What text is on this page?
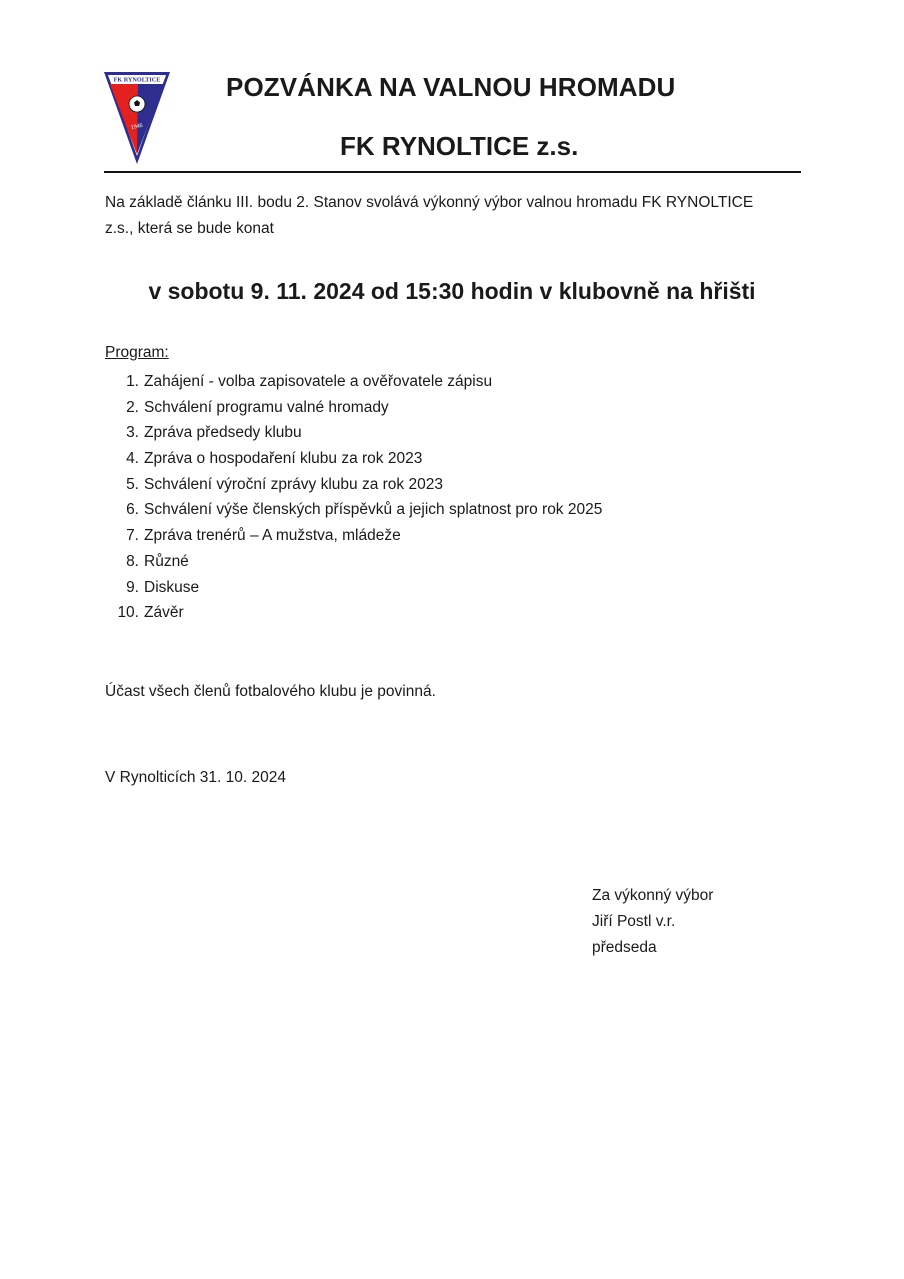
FK RYNOLTICE
1946
POZVÁNKA NA VALNOU HROMADU
FK RYNOLTICE z.s.
Na základě článku III. bodu 2. Stanov svolává výkonný výbor valnou hromadu FK RYNOLTICE
z.s., která se bude konat
v sobotu 9. 11. 2024 od 15:30 hodin v klubovně na hřišti
Program:
1. Zahájení - volba zapisovatele a ověřovatele zápisu
2. Schválení programu valné hromady
3. Zpráva předsedy klubu
4. Zpráva o hospodaření klubu za rok 2023
5. Schválení výroční zprávy klubu za rok 2023
6. Schválení výše členských příspěvků a jejich splatnost pro rok 2025
7. Zpráva trenérů – A mužstva, mládeže
8. Různé
9. Diskuse
10. Závěr
Účast všech členů fotbalového klubu je povinná.
V Rynolticích 31. 10. 2024
Za výkonný výbor
Jiří Postl v.r.
předseda
